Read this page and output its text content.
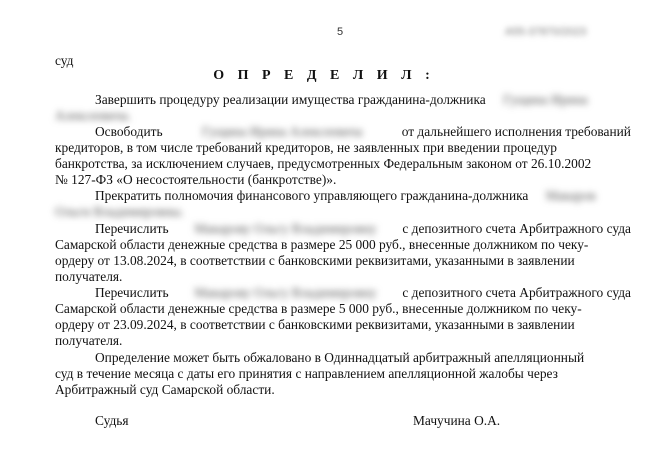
5	А55-37870/2023
суд
О П Р Е Д Е Л И Л :
Завершить процедуру реализации имущества гражданина-должника Гущина Ирина
Алексеевича.
Освободить	Гущина Ирина Алексеевича	от дальнейшего исполнения требований
кредиторов, в том числе требований кредиторов, не заявленных при введении процедур
банкротства, за исключением случаев, предусмотренных Федеральным законом от 26.10.2002
№ 127-ФЗ «О несостоятельности (банкротстве)».
Прекратить полномочия финансового управляющего гражданина-должника Макаров
Ольги Владимировны.
Перечислить Макарову Ольгу Владимировну с депозитного счета Арбитражного суда
Самарской области денежные средства в размере 25 000 руб., внесенные должником по чеку-
ордеру от 13.08.2024, в соответствии с банковскими реквизитами, указанными в заявлении
получателя.
Перечислить Макарову Ольгу Владимировну с депозитного счета Арбитражного суда
Самарской области денежные средства в размере 5 000 руб., внесенные должником по чеку-
ордеру от 23.09.2024, в соответствии с банковскими реквизитами, указанными в заявлении
получателя.
Определение может быть обжаловано в Одиннадцатый арбитражный апелляционный
суд в течение месяца с даты его принятия с направлением апелляционной жалобы через
Арбитражный суд Самарской области.
Судья	Мачучина О.А.
